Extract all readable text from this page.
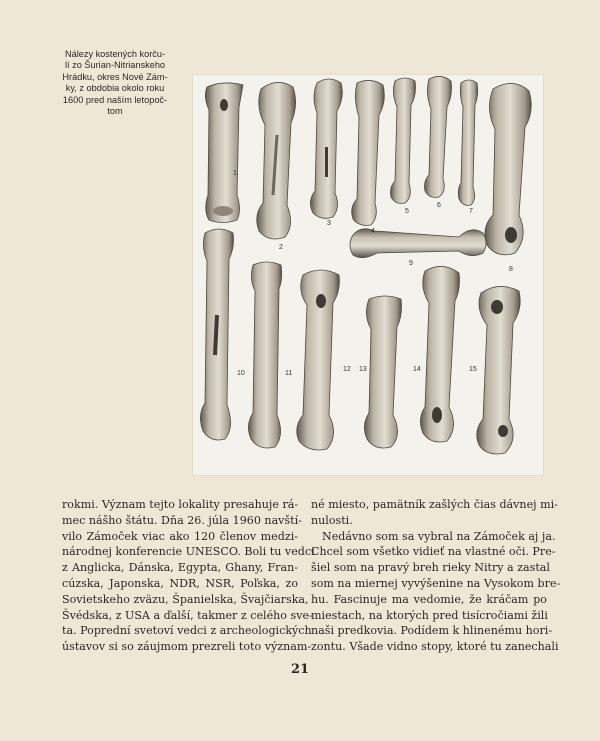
Nálezy kostených korču-
lí zo Šurian-Nitrianskeho
Hrádku, okres Nové Zám-
ky, z obdobia okolo roku
1600 pred naším letopoč-
tom
1
2
3
4
5
6
7
8
9
10	11
12 13	14	15
rokmi. Význam tejto lokality presahuje rá-
mec nášho štátu. Dňa 26. júla 1960 navští-
vilo Zámoček viac ako 120 členov medzi-
národnej konferencie UNESCO. Boli tu vedci
z Anglicka, Dánska, Egypta, Ghany, Fran-
cúzska, Japonska, NDR, NSR, Poľska, zo
Sovietskeho zväzu, Španielska, Švajčiarska,
Švédska, z USA a ďalší, takmer z celého sve-
ta. Poprední svetoví vedci z archeologických
ústavov si so záujmom prezreli toto význam-
né miesto, pamätník zašlých čias dávnej mi-
nulosti.
Nedávno som sa vybral na Zámoček aj ja.
Chcel som všetko vidieť na vlastné oči. Pre-
šiel som na pravý breh rieky Nitry a zastal
som na miernej vyvýšenine na Vysokom bre-
hu. Fascinuje ma vedomie, že kráčam po
miestach, na ktorých pred tisícročiami žili
naši predkovia. Podídem k hlinenému hori-
zontu. Všade vidno stopy, ktoré tu zanechali
21
